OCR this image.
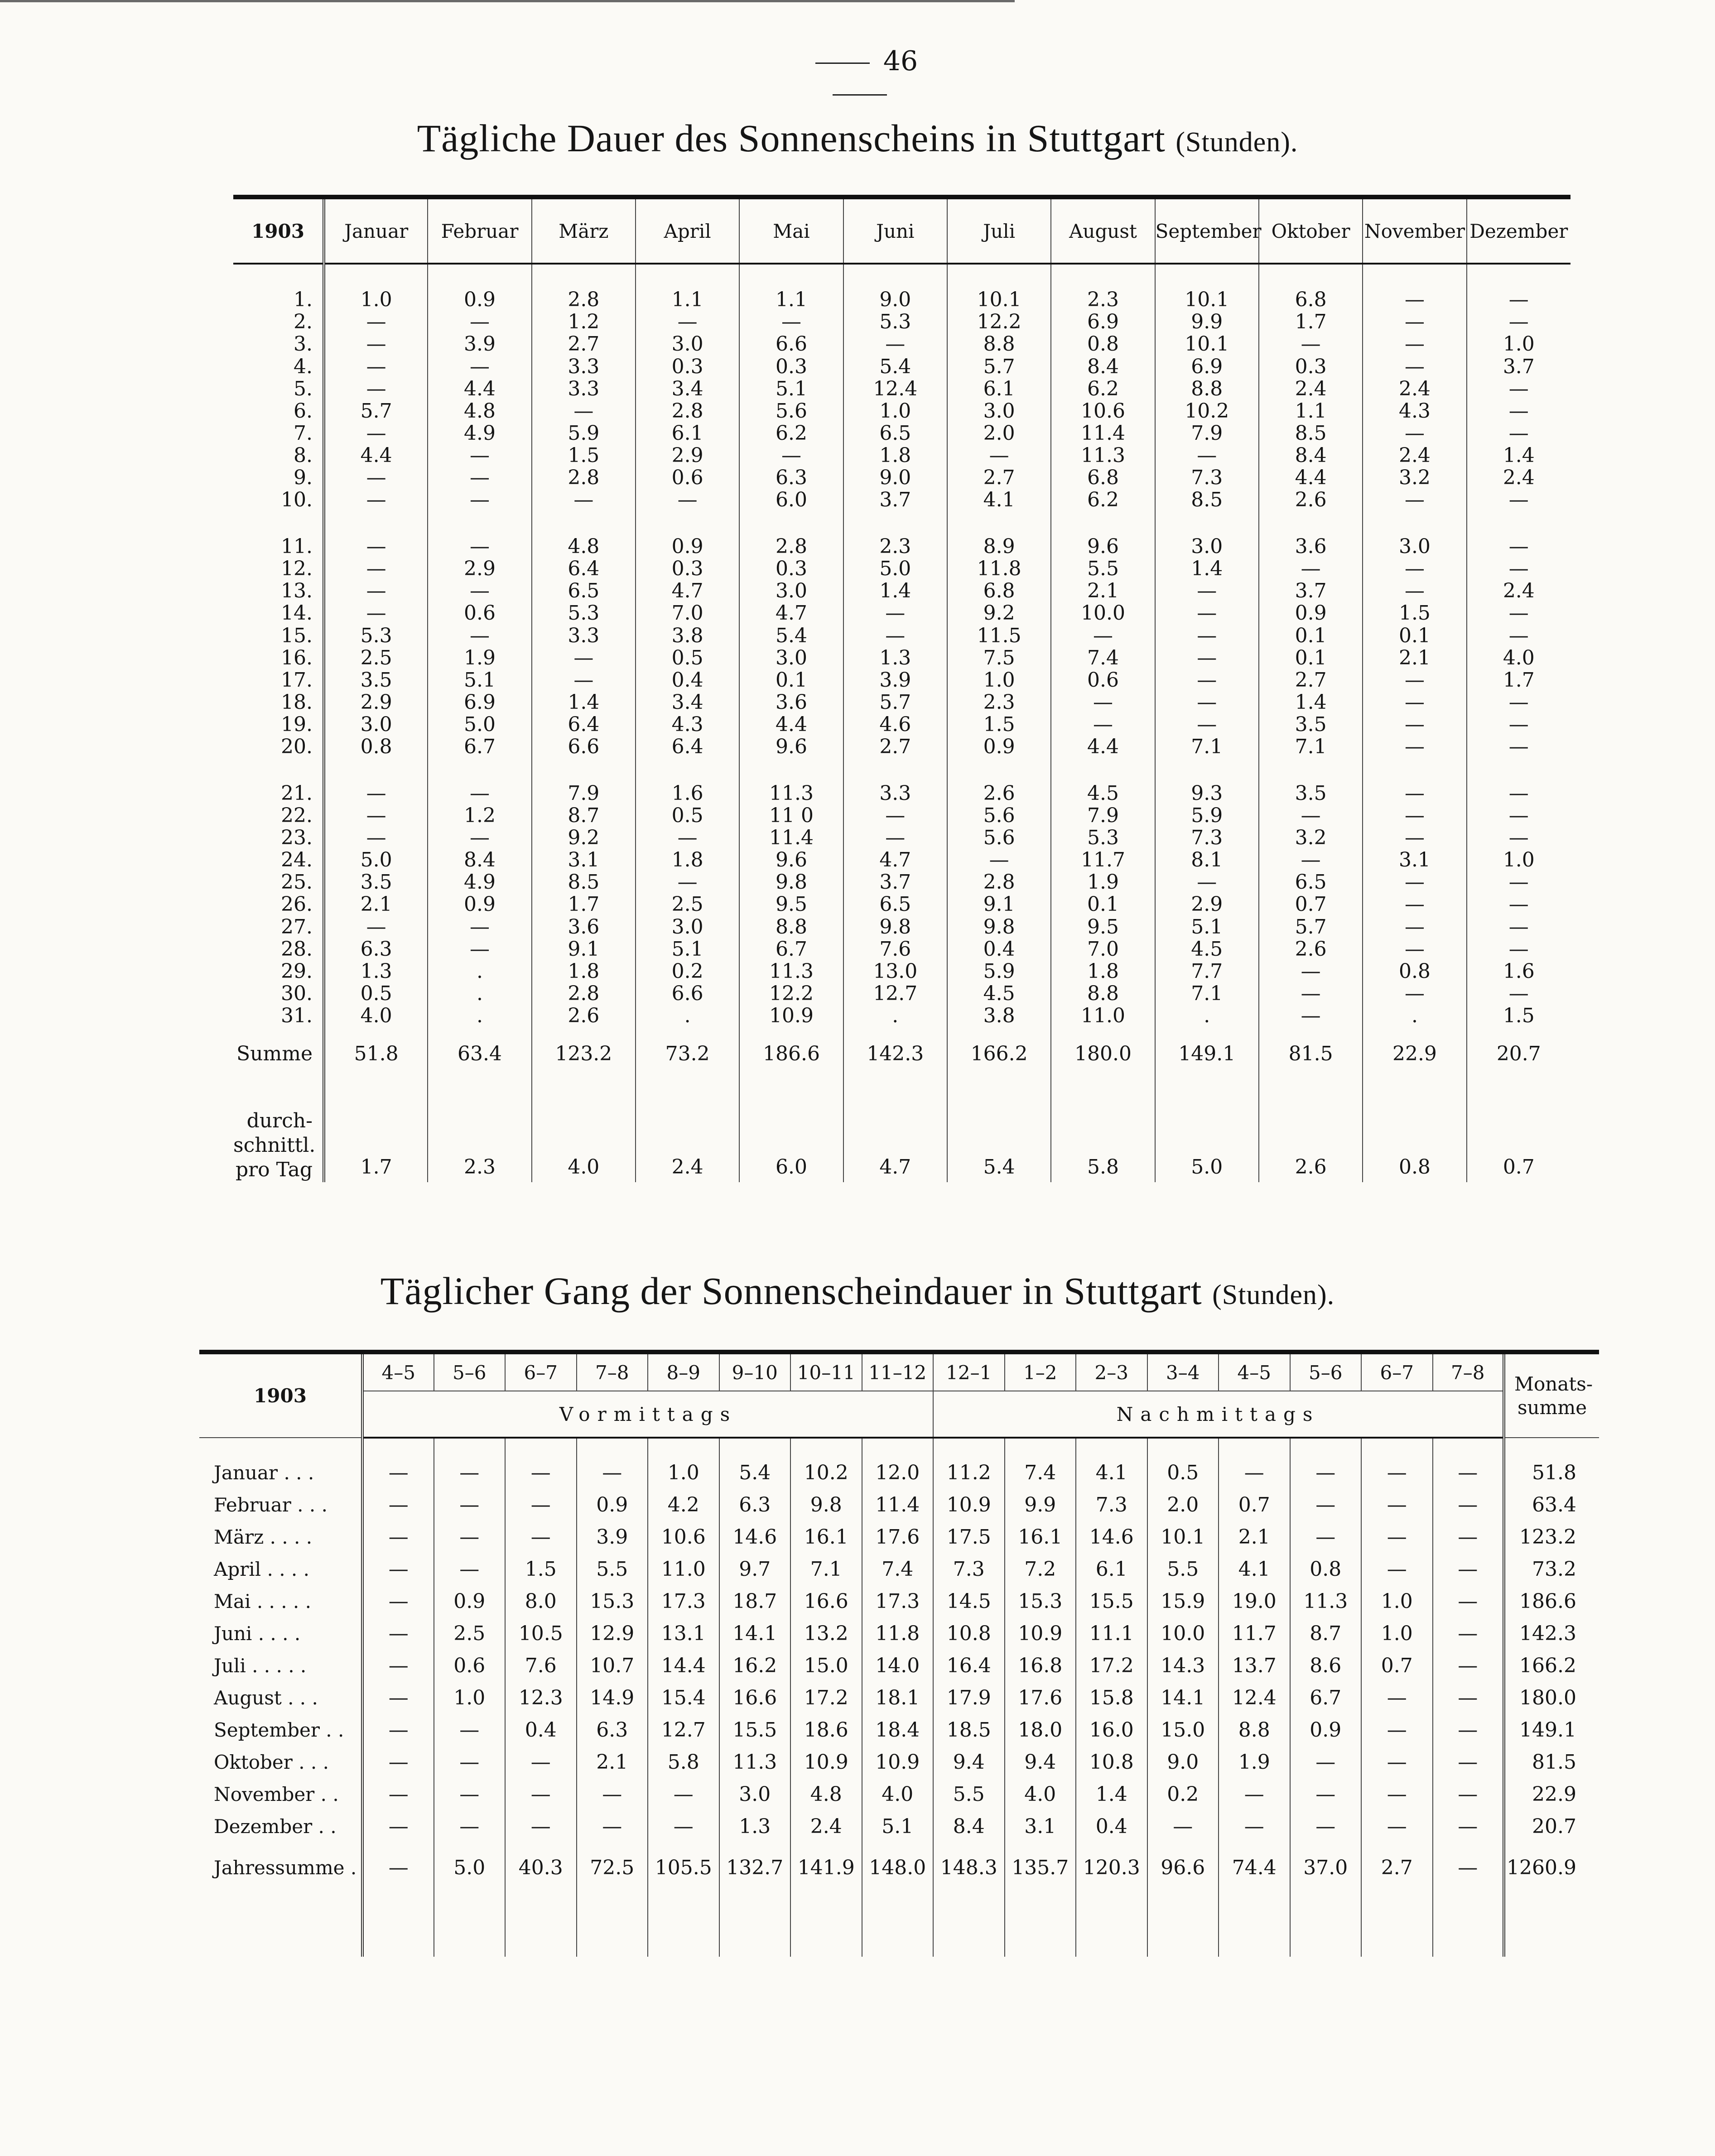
46
Tägliche Dauer des Sonnenscheins in Stuttgart (Stunden).
1903	Januar	Februar	März	April	Mai	Juni	Juli	August	September	Oktober	November	Dezember

1.	1.0	0.9	2.8	1.1	1.1	9.0	10.1	2.3	10.1	6.8	—	—
2.	—	—	1.2	—	—	5.3	12.2	6.9	9.9	1.7	—	—
3.	—	3.9	2.7	3.0	6.6	—	8.8	0.8	10.1	—	—	1.0
4.	—	—	3.3	0.3	0.3	5.4	5.7	8.4	6.9	0.3	—	3.7
5.	—	4.4	3.3	3.4	5.1	12.4	6.1	6.2	8.8	2.4	2.4	—
6.	5.7	4.8	—	2.8	5.6	1.0	3.0	10.6	10.2	1.1	4.3	—
7.	—	4.9	5.9	6.1	6.2	6.5	2.0	11.4	7.9	8.5	—	—
8.	4.4	—	1.5	2.9	—	1.8	—	11.3	—	8.4	2.4	1.4
9.	—	—	2.8	0.6	6.3	9.0	2.7	6.8	7.3	4.4	3.2	2.4
10.	—	—	—	—	6.0	3.7	4.1	6.2	8.5	2.6	—	—

11.	—	—	4.8	0.9	2.8	2.3	8.9	9.6	3.0	3.6	3.0	—
12.	—	2.9	6.4	0.3	0.3	5.0	11.8	5.5	1.4	—	—	—
13.	—	—	6.5	4.7	3.0	1.4	6.8	2.1	—	3.7	—	2.4
14.	—	0.6	5.3	7.0	4.7	—	9.2	10.0	—	0.9	1.5	—
15.	5.3	—	3.3	3.8	5.4	—	11.5	—	—	0.1	0.1	—
16.	2.5	1.9	—	0.5	3.0	1.3	7.5	7.4	—	0.1	2.1	4.0
17.	3.5	5.1	—	0.4	0.1	3.9	1.0	0.6	—	2.7	—	1.7
18.	2.9	6.9	1.4	3.4	3.6	5.7	2.3	—	—	1.4	—	—
19.	3.0	5.0	6.4	4.3	4.4	4.6	1.5	—	—	3.5	—	—
20.	0.8	6.7	6.6	6.4	9.6	2.7	0.9	4.4	7.1	7.1	—	—

21.	—	—	7.9	1.6	11.3	3.3	2.6	4.5	9.3	3.5	—	—
22.	—	1.2	8.7	0.5	11 0	—	5.6	7.9	5.9	—	—	—
23.	—	—	9.2	—	11.4	—	5.6	5.3	7.3	3.2	—	—
24.	5.0	8.4	3.1	1.8	9.6	4.7	—	11.7	8.1	—	3.1	1.0
25.	3.5	4.9	8.5	—	9.8	3.7	2.8	1.9	—	6.5	—	—
26.	2.1	0.9	1.7	2.5	9.5	6.5	9.1	0.1	2.9	0.7	—	—
27.	—	—	3.6	3.0	8.8	9.8	9.8	9.5	5.1	5.7	—	—
28.	6.3	—	9.1	5.1	6.7	7.6	0.4	7.0	4.5	2.6	—	—
29.	1.3	.	1.8	0.2	11.3	13.0	5.9	1.8	7.7	—	0.8	1.6
30.	0.5	.	2.8	6.6	12.2	12.7	4.5	8.8	7.1	—	—	—
31.	4.0	.	2.6	.	10.9	.	3.8	11.0	.	—	.	1.5
Summe	51.8	63.4	123.2	73.2	186.6	142.3	166.2	180.0	149.1	81.5	22.9	20.7

durch-
schnittl.
pro Tag	1.7	2.3	4.0	2.4	6.0	4.7	5.4	5.8	5.0	2.6	0.8	0.7
Täglicher Gang der Sonnenscheindauer in Stuttgart (Stunden).
1903	4–5	5–6	6–7	7–8	8–9	9–10	10–11	11–12	12–1	1–2	2–3	3–4	4–5	5–6	6–7	7–8	Monats-summe
	Vormittags								Nachmittags								
Januar . . .	—	—	—	—	1.0	5.4	10.2	12.0	11.2	7.4	4.1	0.5	—	—	—	—	51.8
Februar . . .	—	—	—	0.9	4.2	6.3	9.8	11.4	10.9	9.9	7.3	2.0	0.7	—	—	—	63.4
März . . . .	—	—	—	3.9	10.6	14.6	16.1	17.6	17.5	16.1	14.6	10.1	2.1	—	—	—	123.2
April . . . .	—	—	1.5	5.5	11.0	9.7	7.1	7.4	7.3	7.2	6.1	5.5	4.1	0.8	—	—	73.2
Mai . . . . .	—	0.9	8.0	15.3	17.3	18.7	16.6	17.3	14.5	15.3	15.5	15.9	19.0	11.3	1.0	—	186.6
Juni . . . .	—	2.5	10.5	12.9	13.1	14.1	13.2	11.8	10.8	10.9	11.1	10.0	11.7	8.7	1.0	—	142.3
Juli . . . . .	—	0.6	7.6	10.7	14.4	16.2	15.0	14.0	16.4	16.8	17.2	14.3	13.7	8.6	0.7	—	166.2
August . . .	—	1.0	12.3	14.9	15.4	16.6	17.2	18.1	17.9	17.6	15.8	14.1	12.4	6.7	—	—	180.0
September . .	—	—	0.4	6.3	12.7	15.5	18.6	18.4	18.5	18.0	16.0	15.0	8.8	0.9	—	—	149.1
Oktober . . .	—	—	—	2.1	5.8	11.3	10.9	10.9	9.4	9.4	10.8	9.0	1.9	—	—	—	81.5
November . .	—	—	—	—	—	3.0	4.8	4.0	5.5	4.0	1.4	0.2	—	—	—	—	22.9
Dezember . .	—	—	—	—	—	1.3	2.4	5.1	8.4	3.1	0.4	—	—	—	—	—	20.7
Jahressumme .	—	5.0	40.3	72.5	105.5	132.7	141.9	148.0	148.3	135.7	120.3	96.6	74.4	37.0	2.7	—	1260.9
